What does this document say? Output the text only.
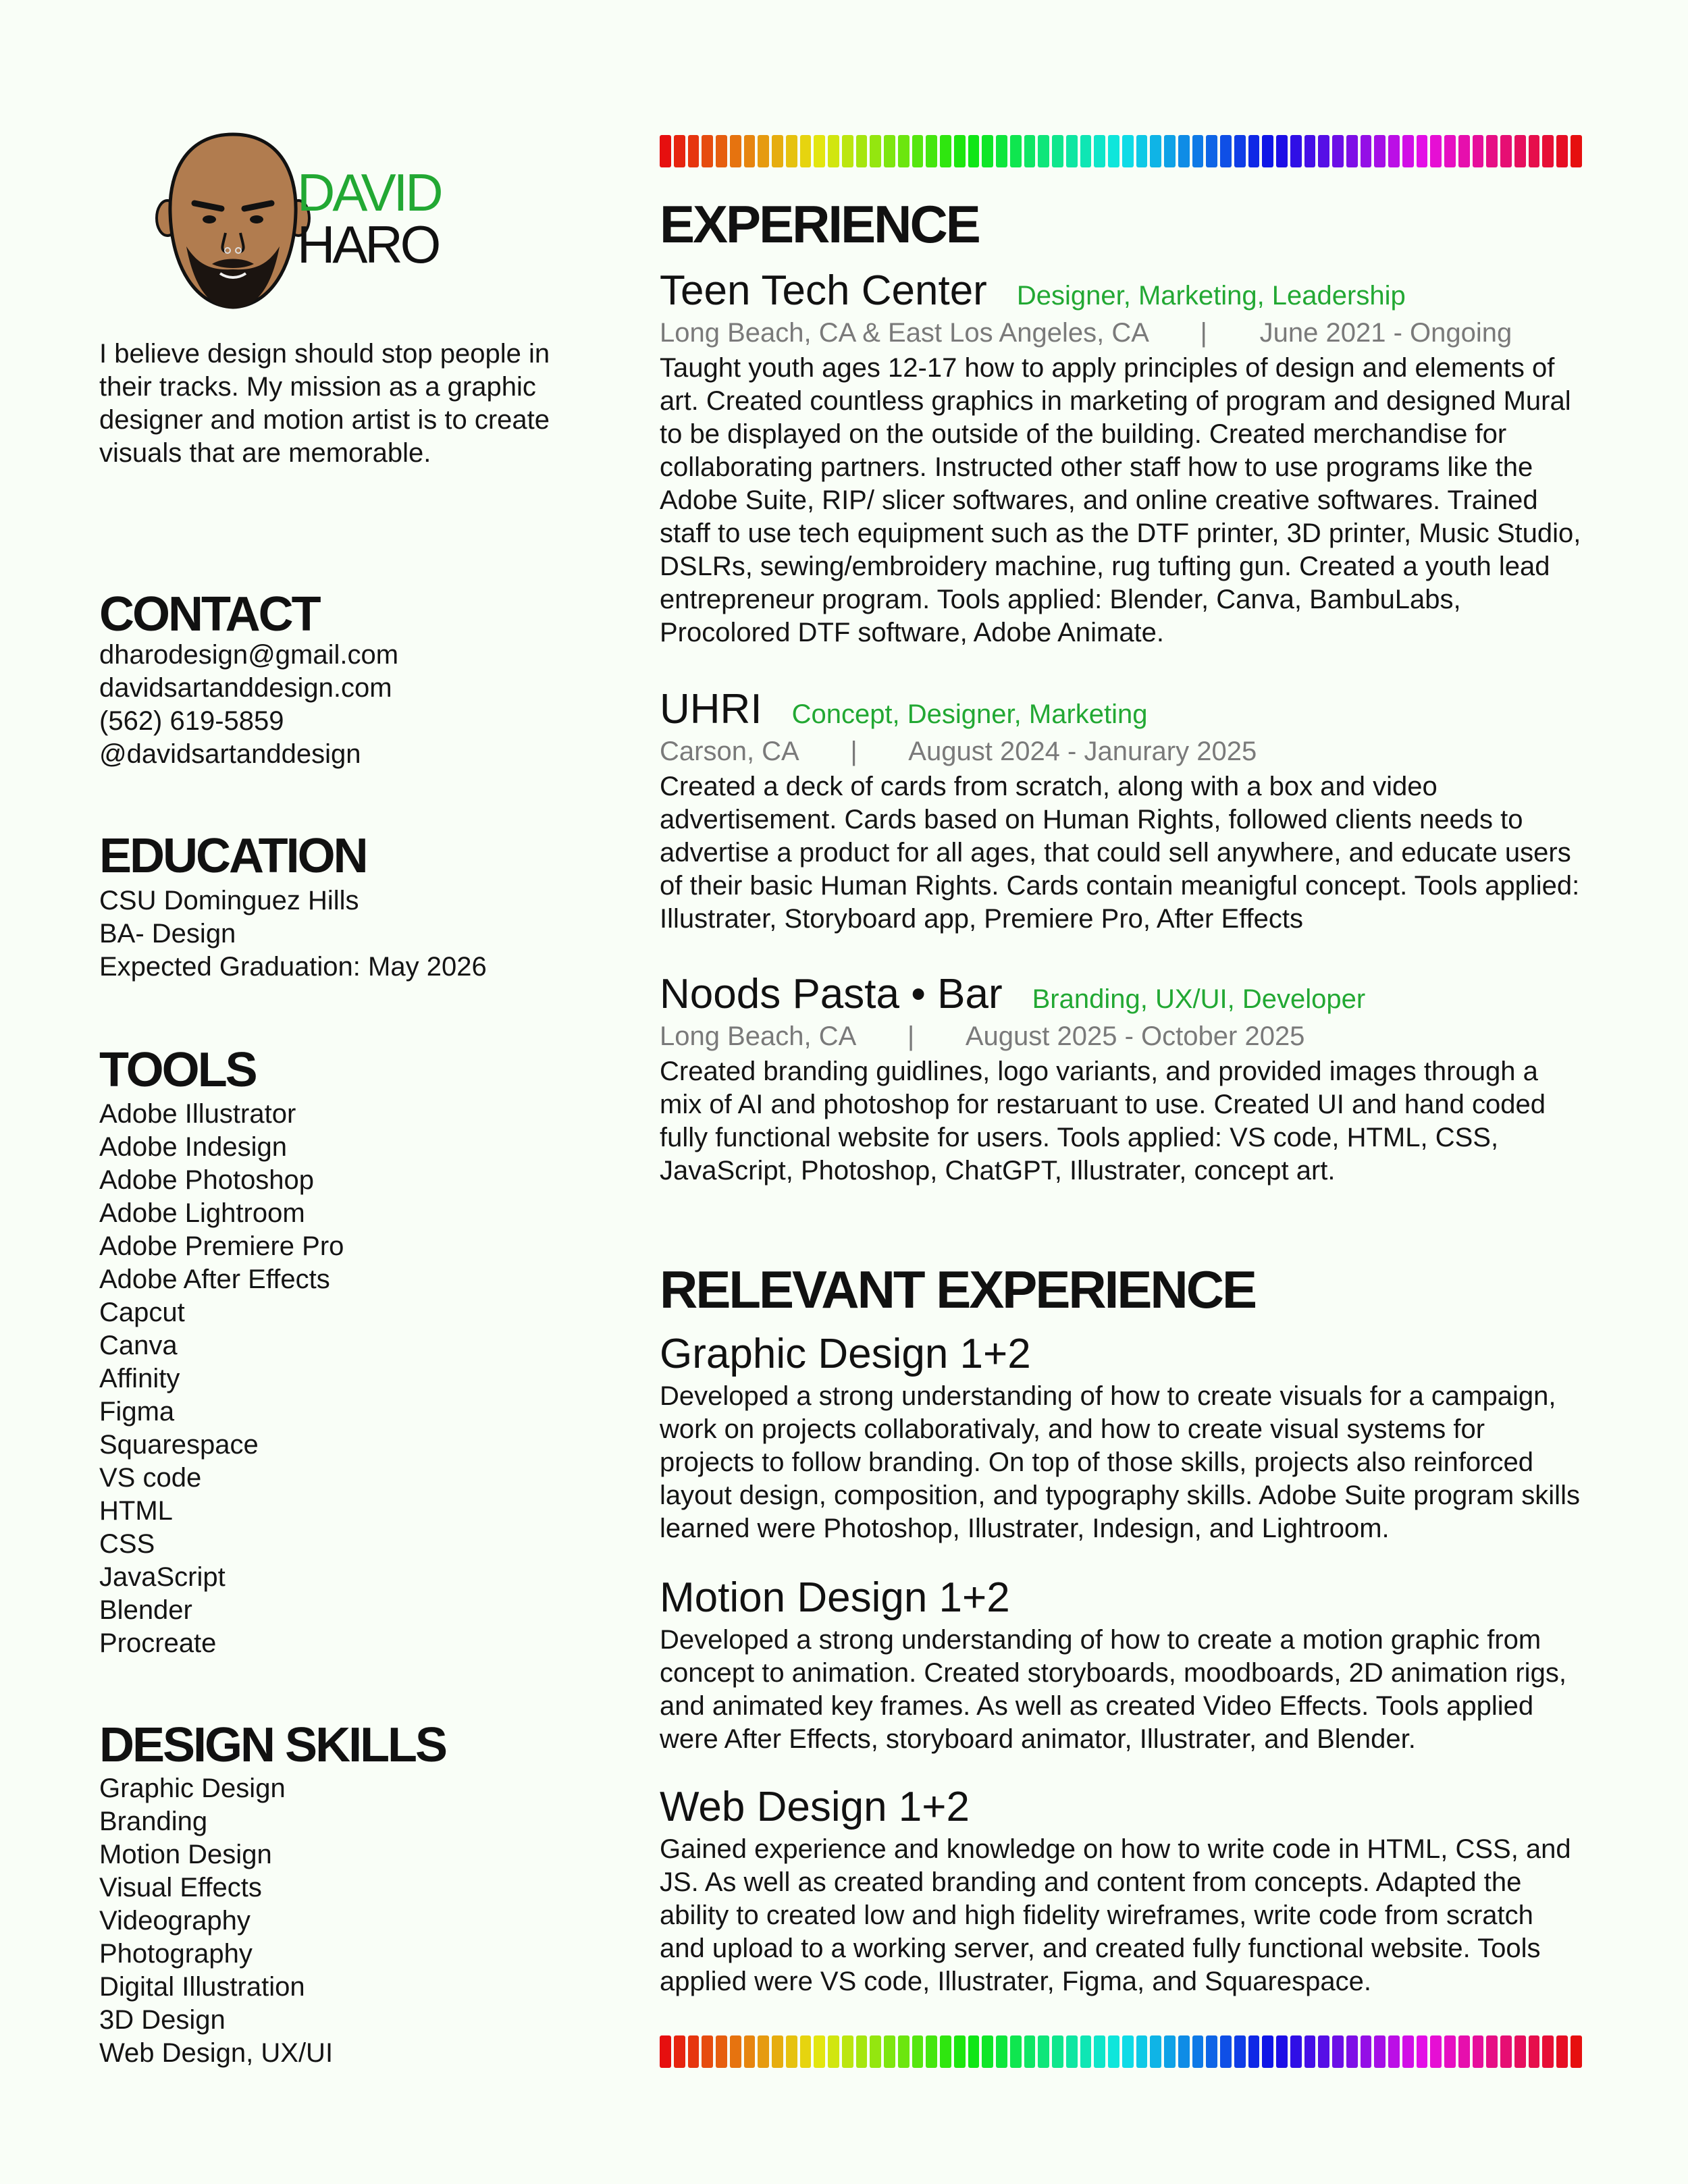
DAVID

HARO

I believe design should stop people in their tracks. My mission as a graphic designer and motion artist is to create visuals that are memorable.

CONTACT
dharodesign@gmail.com
davidsartanddesign.com
(562) 619-5859
@davidsartanddesign
EDUCATION
CSU Dominguez Hills
BA- Design
Expected Graduation: May 2026
TOOLS
Adobe Illustrator
Adobe Indesign
Adobe Photoshop
Adobe Lightroom
Adobe Premiere Pro
Adobe After Effects
Capcut
Canva
Affinity
Figma
Squarespace
VS code
HTML
CSS
JavaScript
Blender
Procreate
DESIGN SKILLS
Graphic Design
Branding
Motion Design
Visual Effects
Videography
Photography
Digital Illustration
3D Design
Web Design, UX/UI
EXPERIENCE
Teen Tech Center Designer, Marketing, Leadership
Long Beach, CA & East Los Angeles, CA       |       June 2021 - Ongoing

Taught youth ages 12-17 how to apply principles of design and elements of art. Created countless graphics in marketing of program and designed Mural to be displayed on the outside of the building. Created merchandise for collaborating partners. Instructed other staff how to use programs like the Adobe Suite, RIP/ slicer softwares, and online creative softwares. Trained staff to use tech equipment such as the DTF printer, 3D printer, Music Studio, DSLRs, sewing/embroidery machine, rug tufting gun. Created a youth lead entrepreneur program. Tools applied: Blender, Canva, BambuLabs, Procolored DTF software, Adobe Animate.

UHRI Concept, Designer, Marketing
Carson, CA       |       August 2024 - Janurary 2025

Created a deck of cards from scratch, along with a box and video advertisement. Cards based on Human Rights, followed clients needs to advertise a product for all ages, that could sell anywhere, and educate users of their basic Human Rights. Cards contain meanigful concept. Tools applied: Illustrater, Storyboard app, Premiere Pro, After Effects

Noods Pasta • Bar Branding, UX/UI, Developer
Long Beach, CA       |       August 2025 - October 2025

Created branding guidlines, logo variants, and provided images through a mix of AI and photoshop for restaruant to use. Created UI and hand coded fully functional website for users. Tools applied: VS code, HTML, CSS, JavaScript, Photoshop, ChatGPT, Illustrater, concept art.

RELEVANT EXPERIENCE
Graphic Design 1+2

Developed a strong understanding of how to create visuals for a campaign, work on projects collaborativaly, and how to create visual systems for projects to follow branding. On top of those skills, projects also reinforced layout design, composition, and typography skills. Adobe Suite program skills learned were Photoshop, Illustrater, Indesign, and Lightroom.

Motion Design 1+2

Developed a strong understanding of how to create a motion graphic from concept to animation. Created storyboards, moodboards, 2D animation rigs, and animated key frames. As well as created Video Effects. Tools applied were After Effects, storyboard animator, Illustrater, and Blender.

Web Design 1+2

Gained experience and knowledge on how to write code in HTML, CSS, and JS. As well as created branding and content from concepts. Adapted the ability to created low and high fidelity wireframes, write code from scratch and upload to a working server, and created fully functional website. Tools applied were VS code, Illustrater, Figma, and Squarespace.
